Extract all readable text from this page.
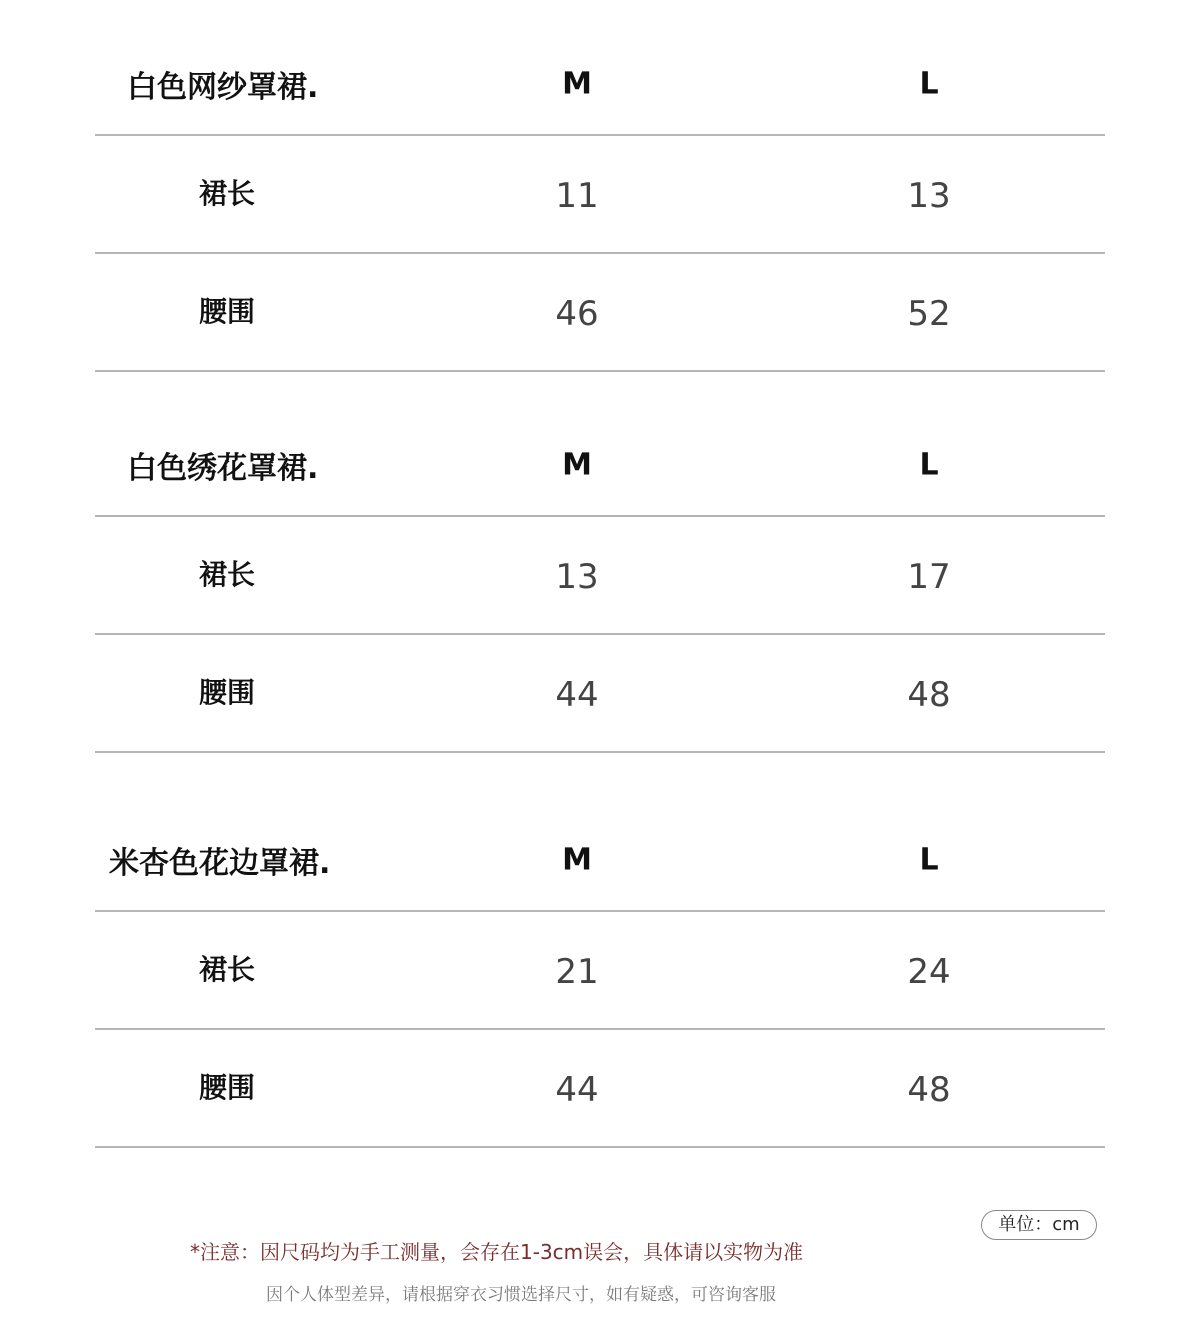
白色网纱罩裙.	M	L
裙长	11	13
腰围	46	52
白色绣花罩裙.	M	L
裙长	13	17
腰围	44	48
米杏色花边罩裙.	M	L
裙长	21	24
腰围	44	48
单位：cm
*注意：因尺码均为手工测量，会存在1-3cm误会，具体请以实物为准
因个人体型差异，请根据穿衣习惯选择尺寸，如有疑惑，可咨询客服
